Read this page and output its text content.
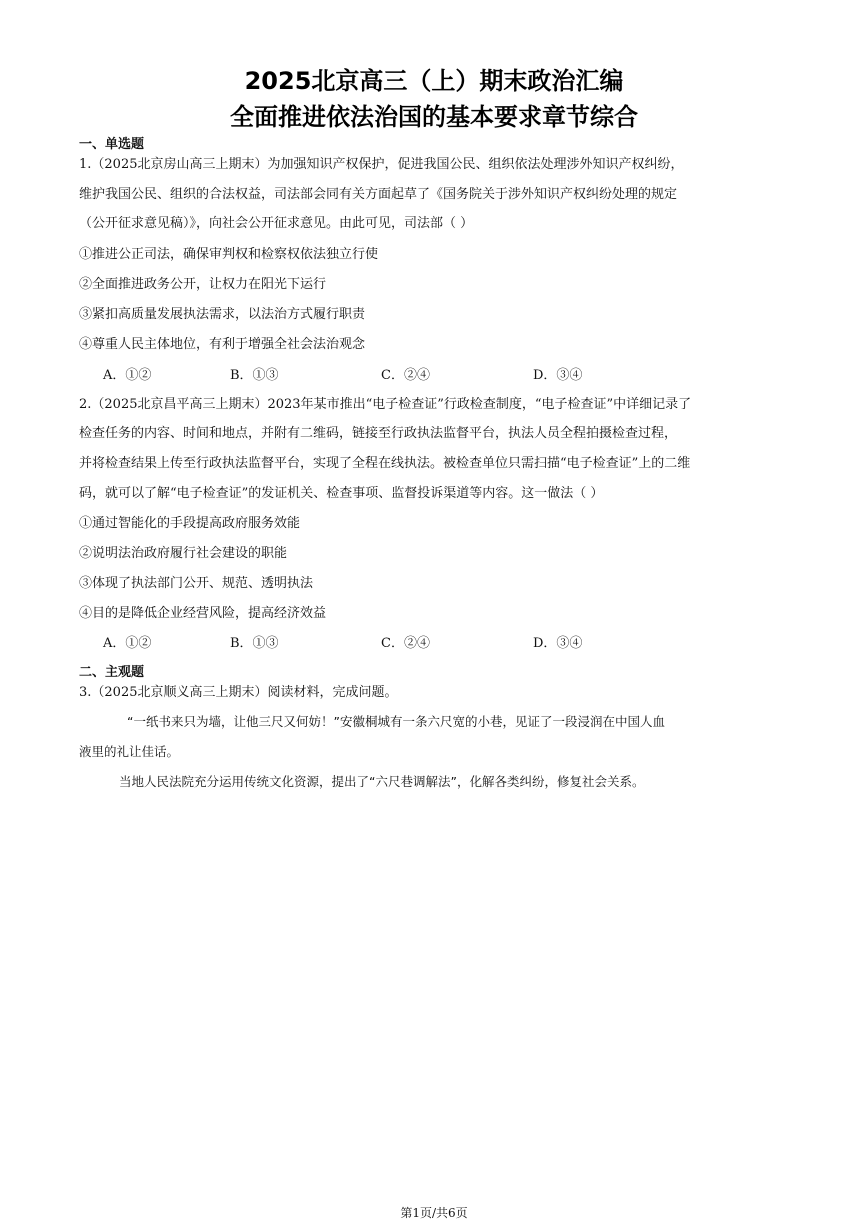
2025北京高三（上）期末政治汇编
全面推进依法治国的基本要求章节综合
一、单选题
1.（2025北京房山高三上期末）为加强知识产权保护，促进我国公民、组织依法处理涉外知识产权纠纷，
维护我国公民、组织的合法权益，司法部会同有关方面起草了《国务院关于涉外知识产权纠纷处理的规定
（公开征求意见稿）》，向社会公开征求意见。由此可见，司法部（ ）
①推进公正司法，确保审判权和检察权依法独立行使
②全面推进政务公开，让权力在阳光下运行
③紧扣高质量发展执法需求，以法治方式履行职责
④尊重人民主体地位，有利于增强全社会法治观念
A．①②	B．①③	C．②④	D．③④
2.（2025北京昌平高三上期末）2023年某市推出“电子检查证”行政检查制度，“电子检查证”中详细记录了
检查任务的内容、时间和地点，并附有二维码，链接至行政执法监督平台，执法人员全程拍摄检查过程，
并将检查结果上传至行政执法监督平台，实现了全程在线执法。被检查单位只需扫描“电子检查证”上的二维
码，就可以了解“电子检查证”的发证机关、检查事项、监督投诉渠道等内容。这一做法（ ）
①通过智能化的手段提高政府服务效能
②说明法治政府履行社会建设的职能
③体现了执法部门公开、规范、透明执法
④目的是降低企业经营风险，提高经济效益
A．①②	B．①③	C．②④	D．③④
二、主观题
3.（2025北京顺义高三上期末）阅读材料，完成问题。
“一纸书来只为墙，让他三尺又何妨！”安徽桐城有一条六尺宽的小巷，见证了一段浸润在中国人血
液里的礼让佳话。
当地人民法院充分运用传统文化资源，提出了“六尺巷调解法”，化解各类纠纷，修复社会关系。
第1页/共6页
